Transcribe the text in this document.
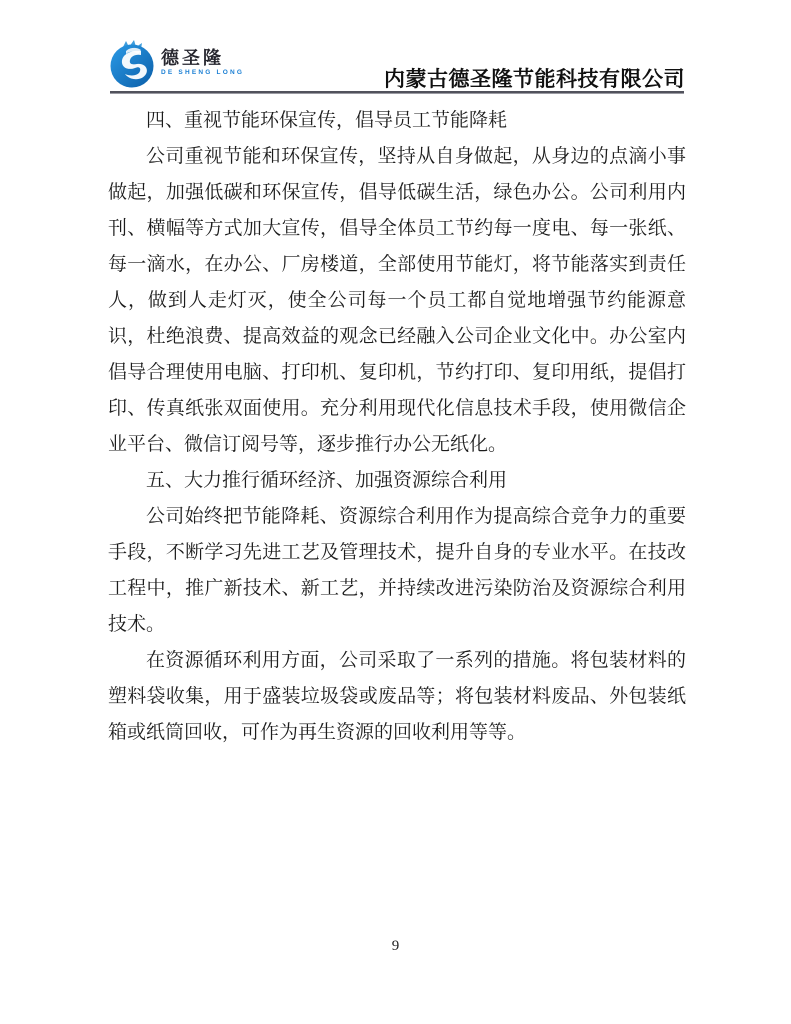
德圣隆
DE SHENG LONG	内蒙古德圣隆节能科技有限公司
四、重视节能环保宣传，倡导员工节能降耗

公司重视节能和环保宣传，坚持从自身做起，从身边的点滴小事做起，加强低碳和环保宣传，倡导低碳生活，绿色办公。公司利用内刊、横幅等方式加大宣传，倡导全体员工节约每一度电、每一张纸、每一滴水，在办公、厂房楼道，全部使用节能灯，将节能落实到责任人，做到人走灯灭，使全公司每一个员工都自觉地增强节约能源意识，杜绝浪费、提高效益的观念已经融入公司企业文化中。办公室内倡导合理使用电脑、打印机、复印机，节约打印、复印用纸，提倡打印、传真纸张双面使用。充分利用现代化信息技术手段，使用微信企业平台、微信订阅号等，逐步推行办公无纸化。

五、大力推行循环经济、加强资源综合利用

公司始终把节能降耗、资源综合利用作为提高综合竞争力的重要手段，不断学习先进工艺及管理技术，提升自身的专业水平。在技改工程中，推广新技术、新工艺，并持续改进污染防治及资源综合利用技术。

在资源循环利用方面，公司采取了一系列的措施。将包装材料的塑料袋收集，用于盛装垃圾袋或废品等；将包装材料废品、外包装纸箱或纸筒回收，可作为再生资源的回收利用等等。

9
